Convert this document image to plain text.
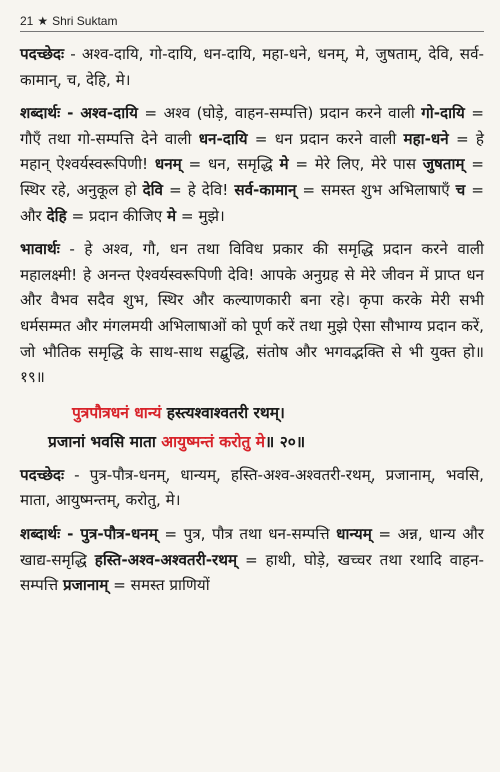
21 ★ Shri Suktam

पदच्छेदः - अश्व-दायि, गो-दायि, धन-दायि, महा-धने, धनम्, मे, जुषताम्, देवि, सर्व-कामान्, च, देहि, मे।

शब्दार्थः - अश्व-दायि = अश्व (घोड़े, वाहन-सम्पत्ति) प्रदान करने वाली गो-दायि = गौएँ तथा गो-सम्पत्ति देने वाली धन-दायि = धन प्रदान करने वाली महा-धने = हे महान् ऐश्वर्यस्वरूपिणी! धनम् = धन, समृद्धि मे = मेरे लिए, मेरे पास जुषताम् = स्थिर रहे, अनुकूल हो देवि = हे देवि! सर्व-कामान् = समस्त शुभ अभिलाषाएँ च = और देहि = प्रदान कीजिए मे = मुझे।

भावार्थः - हे अश्व, गौ, धन तथा विविध प्रकार की समृद्धि प्रदान करने वाली महालक्ष्मी! हे अनन्त ऐश्वर्यस्वरूपिणी देवि! आपके अनुग्रह से मेरे जीवन में प्राप्त धन और वैभव सदैव शुभ, स्थिर और कल्याणकारी बना रहे। कृपा करके मेरी सभी धर्मसम्मत और मंगलमयी अभिलाषाओं को पूर्ण करें तथा मुझे ऐसा सौभाग्य प्रदान करें, जो भौतिक समृद्धि के साथ-साथ सद्बुद्धि, संतोष और भगवद्भक्ति से भी युक्त हो॥ १९॥

पुत्रपौत्रधनं धान्यं हस्त्यश्वाश्वतरी रथम्।
प्रजानां भवसि माता आयुष्मन्तं करोतु मे॥ २०॥

पदच्छेदः - पुत्र-पौत्र-धनम्, धान्यम्, हस्ति-अश्व-अश्वतरी-रथम्, प्रजानाम्, भवसि, माता, आयुष्मन्तम्, करोतु, मे।

शब्दार्थः - पुत्र-पौत्र-धनम् = पुत्र, पौत्र तथा धन-सम्पत्ति धान्यम् = अन्न, धान्य और खाद्य-समृद्धि हस्ति-अश्व-अश्वतरी-रथम् = हाथी, घोड़े, खच्चर तथा रथादि वाहन-सम्पत्ति प्रजानाम् = समस्त प्राणियों
